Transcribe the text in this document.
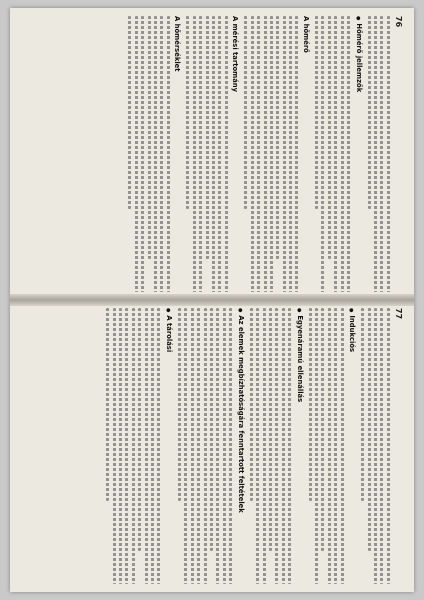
76
● Hőmérő jellemzők
A hőmérő
A mérési tartomány
A hőmérséklet
77
● Indukciós
● Egyenáramú ellenállás
● Az elemek megbízhatóságára fenntartott feltételek
● A tárolási
